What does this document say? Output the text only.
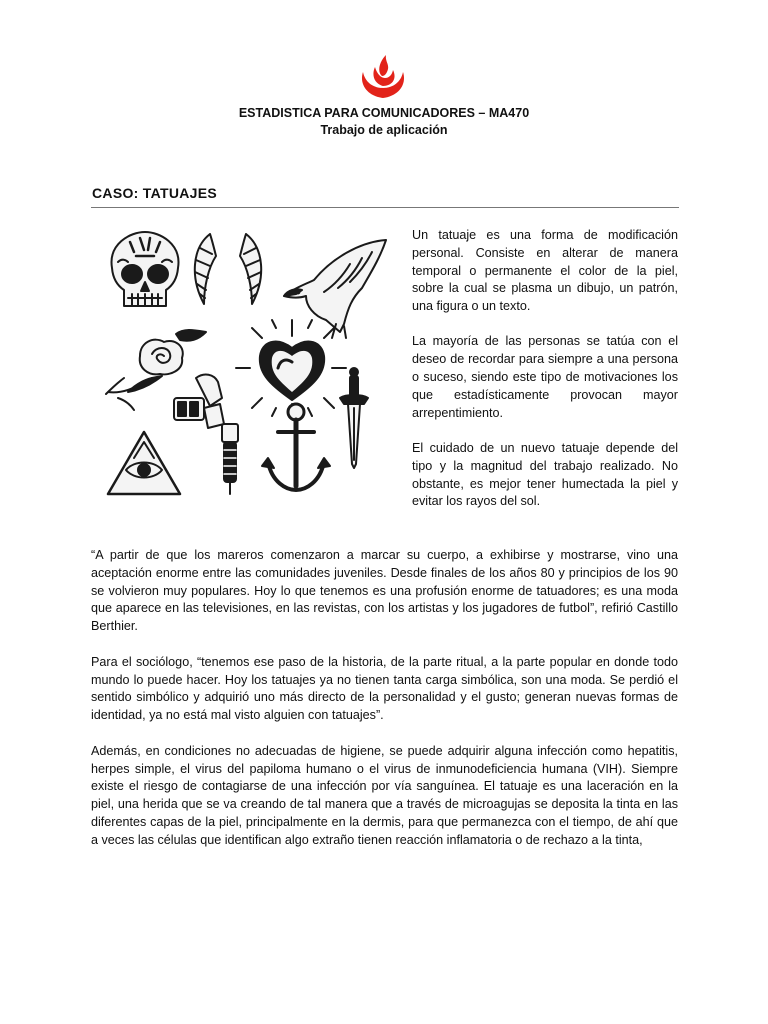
ESTADISTICA PARA COMUNICADORES – MA470
Trabajo de aplicación
CASO: TATUAJES

Un tatuaje es una forma de modificación personal. Consiste en alterar de manera temporal o permanente el color de la piel, sobre la cual se plasma un dibujo, un patrón, una figura o un texto.

La mayoría de las personas se tatúa con el deseo de recordar para siempre a una persona o suceso, siendo este tipo de motivaciones los que estadísticamente provocan mayor arrepentimiento.

El cuidado de un nuevo tatuaje depende del tipo y la magnitud del trabajo realizado. No obstante, es mejor tener humectada la piel y evitar los rayos del sol.

“A partir de que los mareros comenzaron a marcar su cuerpo, a exhibirse y mostrarse, vino una aceptación enorme entre las comunidades juveniles. Desde finales de los años 80 y principios de los 90 se volvieron muy populares. Hoy lo que tenemos es una profusión enorme de tatuadores; es una moda que aparece en las televisiones, en las revistas, con los artistas y los jugadores de futbol”, refirió Castillo Berthier.

Para el sociólogo, “tenemos ese paso de la historia, de la parte ritual, a la parte popular en donde todo mundo lo puede hacer. Hoy los tatuajes ya no tienen tanta carga simbólica, son una moda. Se perdió el sentido simbólico y adquirió uno más directo de la personalidad y el gusto; generan nuevas formas de identidad, ya no está mal visto alguien con tatuajes”.

Además, en condiciones no adecuadas de higiene, se puede adquirir alguna infección como hepatitis, herpes simple, el virus del papiloma humano o el virus de inmunodeficiencia humana (VIH). Siempre existe el riesgo de contagiarse de una infección por vía sanguínea. El tatuaje es una laceración en la piel, una herida que se va creando de tal manera que a través de microagujas se deposita la tinta en las diferentes capas de la piel, principalmente en la dermis, para que permanezca con el tiempo, de ahí que a veces las células que identifican algo extraño tienen reacción inflamatoria o de rechazo a la tinta,
